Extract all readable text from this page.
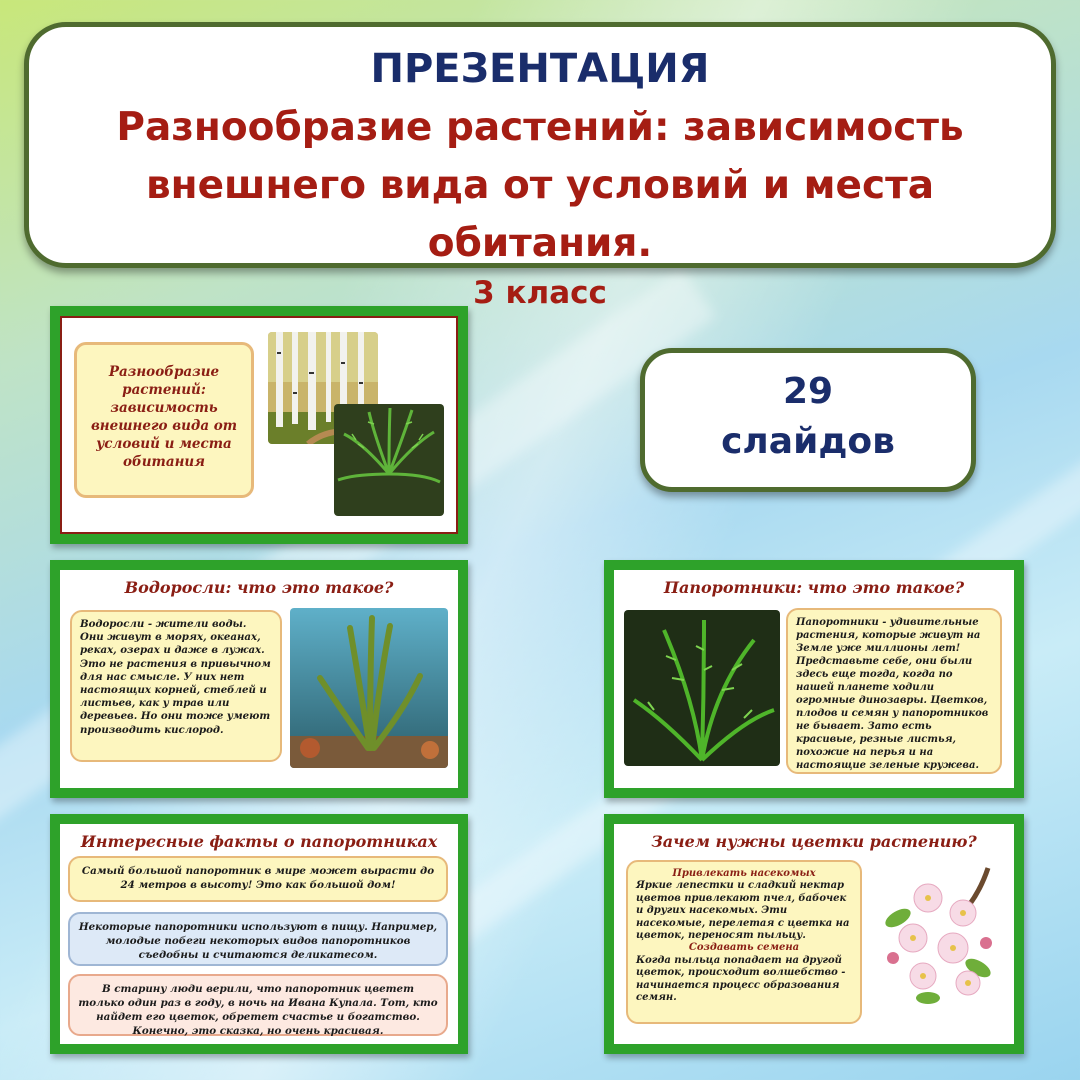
ПРЕЗЕНТАЦИЯ
Разнообразие растений: зависимость
внешнего вида от условий и места обитания.
3 класс
29
слайдов
Разнообразие растений: зависимость внешнего вида от условий и места обитания
Водоросли: что это такое?
Водоросли - жители воды. Они живут в морях, океанах, реках, озерах и даже в лужах. Это не растения в привычном для нас смысле. У них нет настоящих корней, стеблей и листьев, как у трав или деревьев. Но они тоже умеют производить кислород.
Папоротники: что это такое?
Папоротники - удивительные растения, которые живут на Земле уже миллионы лет! Представьте себе, они были здесь еще тогда, когда по нашей планете ходили огромные динозавры. Цветков, плодов и семян у папоротников не бывает. Зато есть красивые, резные листья, похожие на перья и на настоящие зеленые кружева.
Интересные факты о папоротниках
Самый большой папоротник в мире может вырасти до 24 метров в высоту! Это как большой дом!
Некоторые папоротники используют в пищу. Например, молодые побеги некоторых видов папоротников съедобны и считаются деликатесом.
В старину люди верили, что папоротник цветет только один раз в году, в ночь на Ивана Купала. Тот, кто найдет его цветок, обретет счастье и богатство. Конечно, это сказка, но очень красивая.
Зачем нужны цветки растению?
Привлекать насекомых
Яркие лепестки и сладкий нектар цветов привлекают пчел, бабочек и других насекомых. Эти насекомые, перелетая с цветка на цветок, переносят пыльцу.
Создавать семена
Когда пыльца попадает на другой цветок, происходит волшебство - начинается процесс образования семян.
